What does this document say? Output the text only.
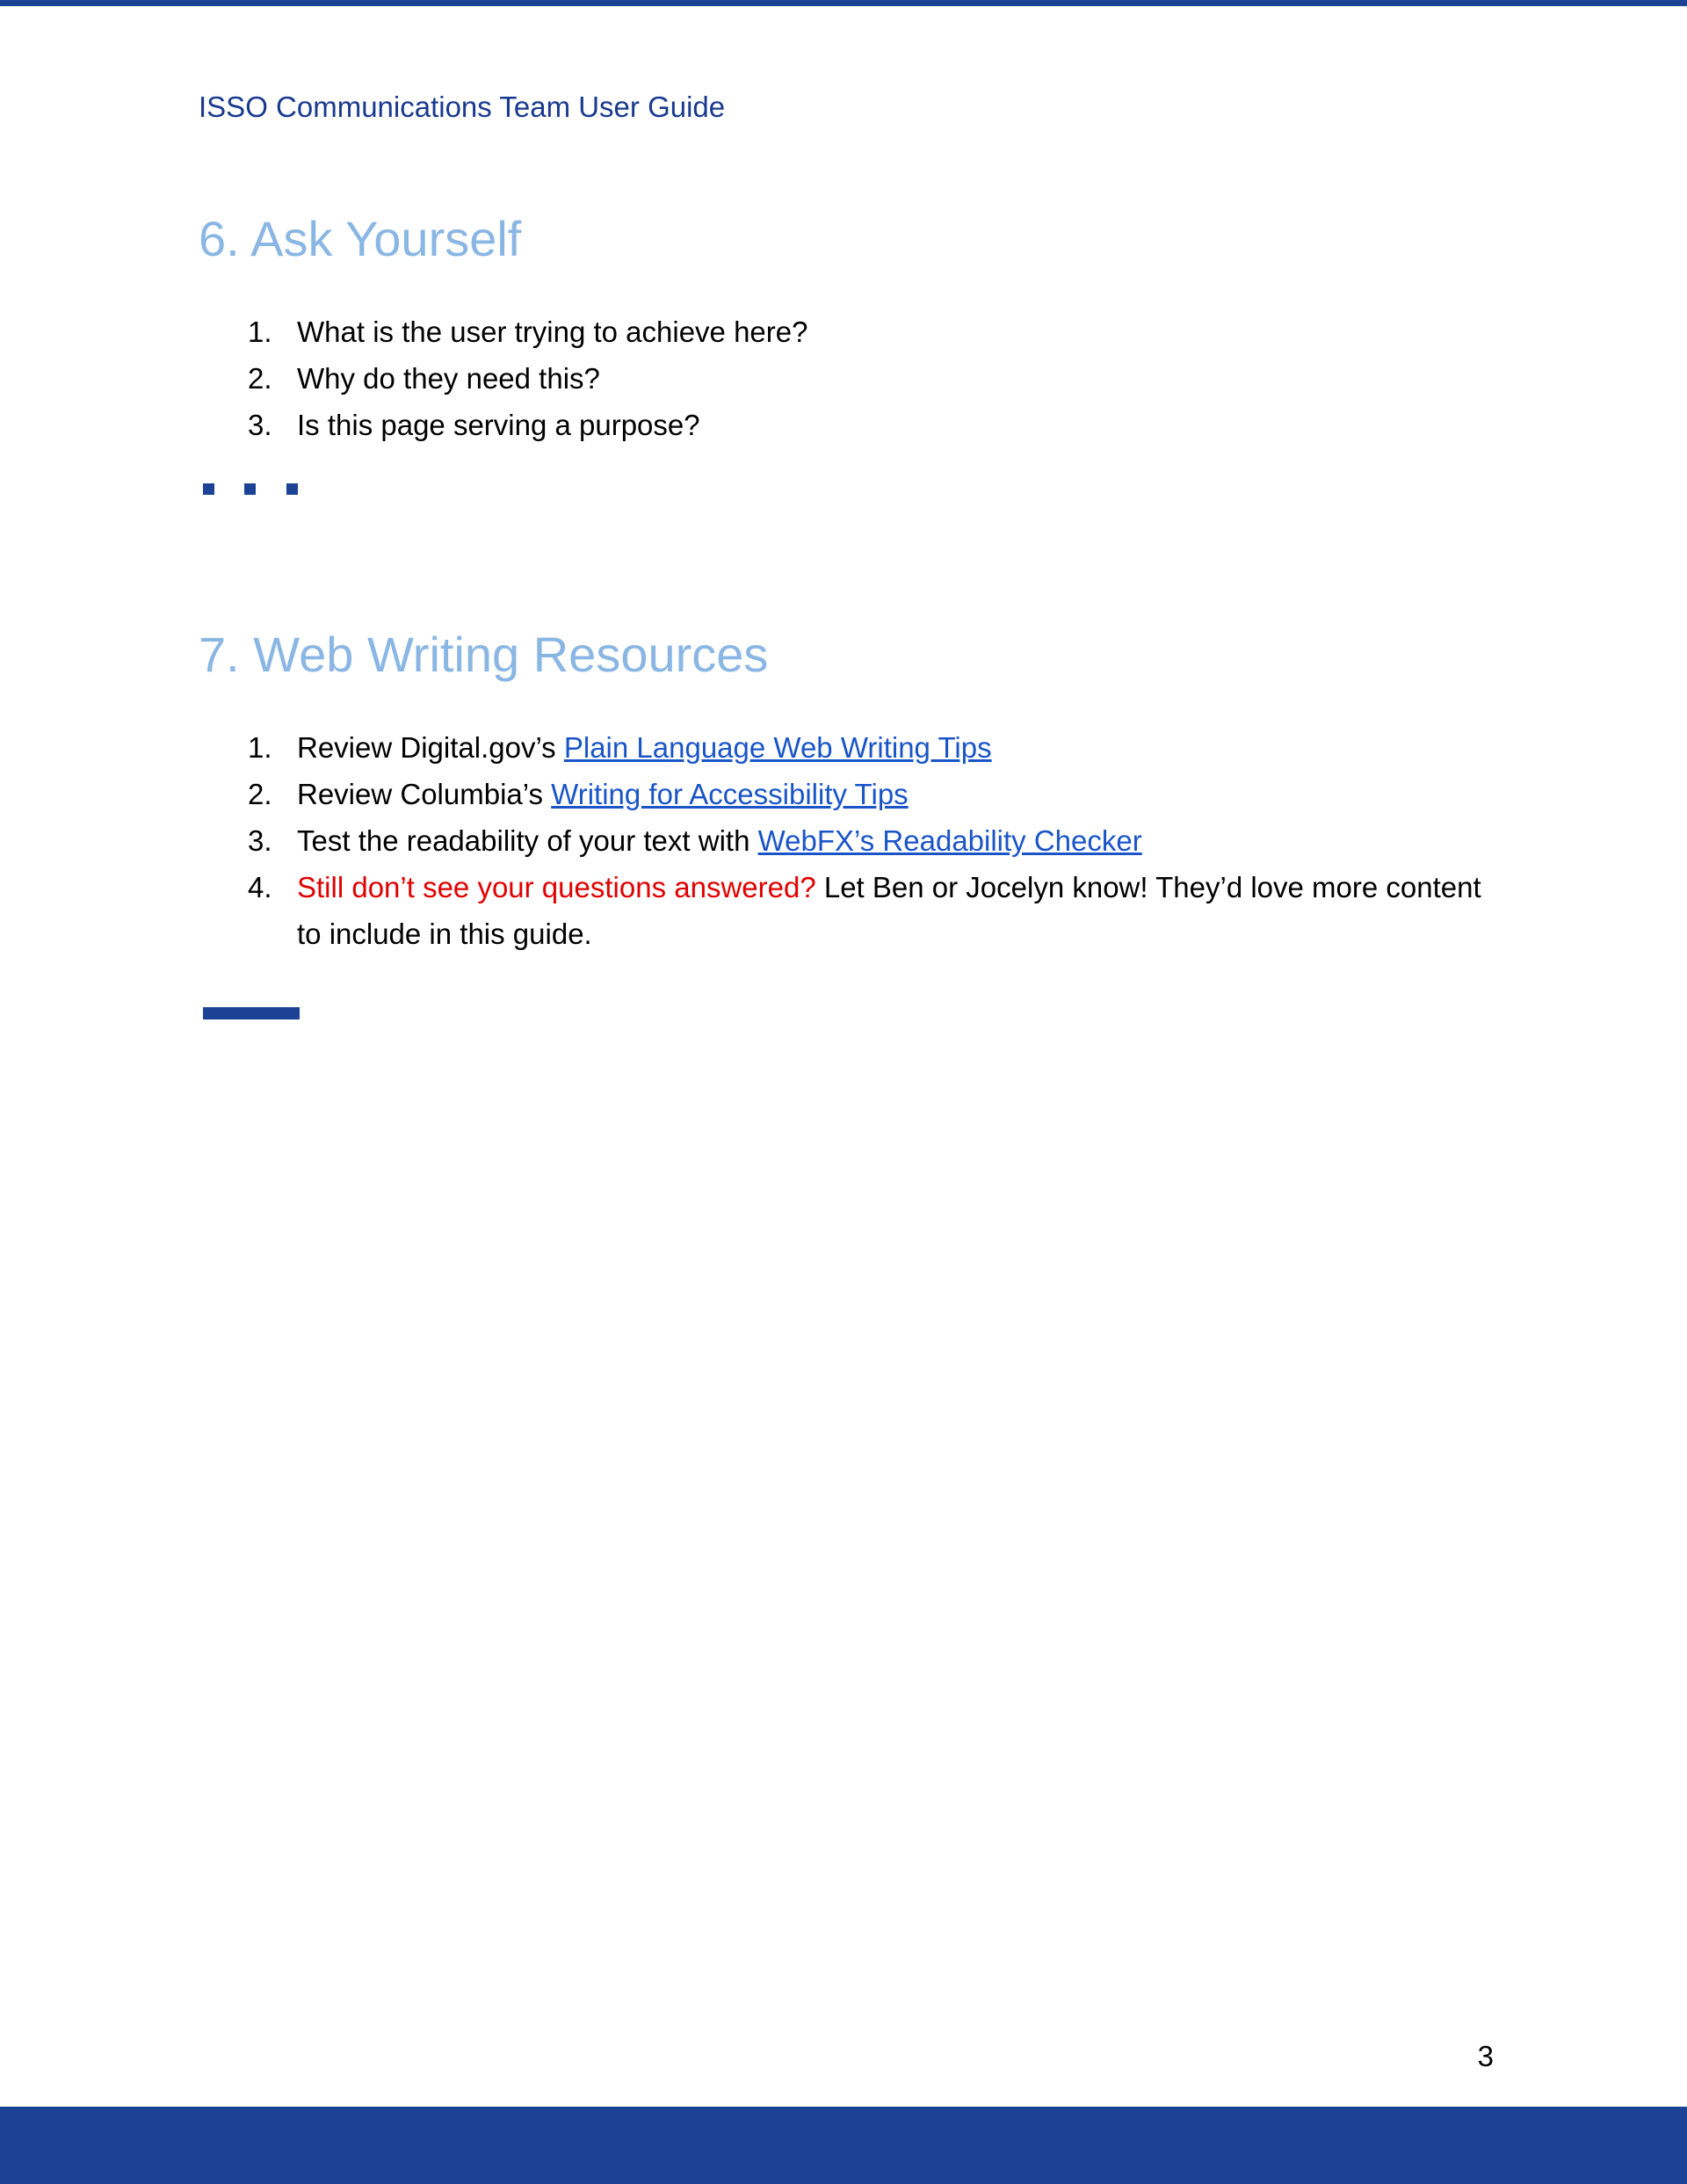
ISSO Communications Team User Guide
6. Ask Yourself
1. What is the user trying to achieve here?
2. Why do they need this?
3. Is this page serving a purpose?
7. Web Writing Resources
1. Review Digital.gov’s Plain Language Web Writing Tips
2. Review Columbia’s Writing for Accessibility Tips
3. Test the readability of your text with WebFX’s Readability Checker
4. Still don’t see your questions answered? Let Ben or Jocelyn know! They’d love more content to include in this guide.
3
